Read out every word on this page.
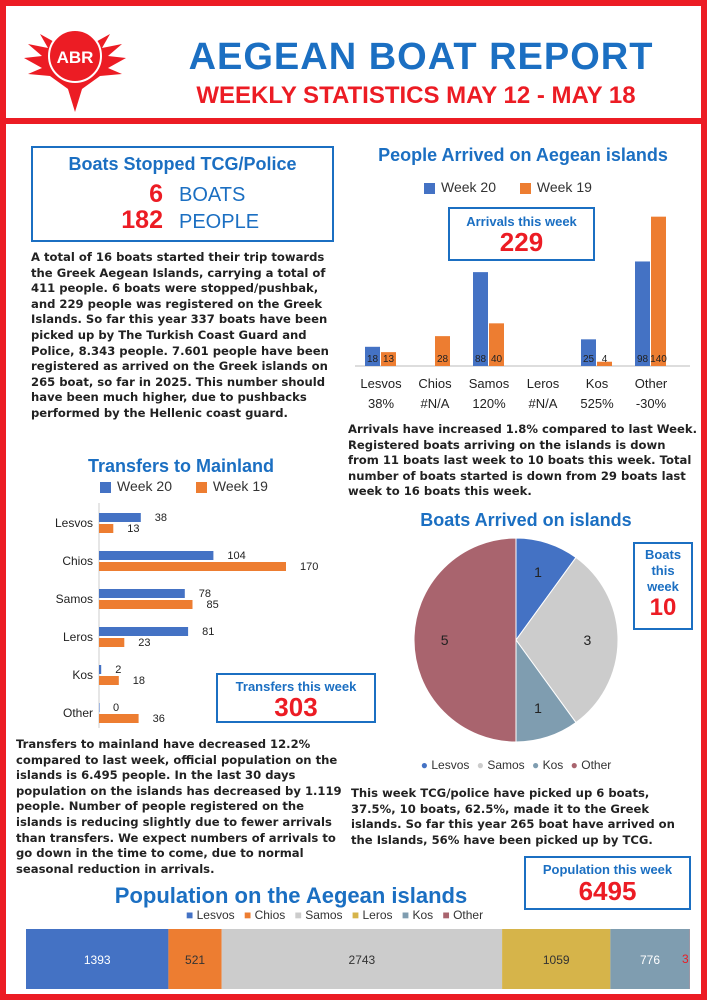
ABR	AEGEAN BOAT REPORT
WEEKLY STATISTICS MAY 12 - MAY 18
Boats Stopped TCG/Police
6 BOATS
182 PEOPLE
A total of 16 boats started their trip towards the Greek Aegean Islands, carrying a total of 411 people. 6 boats were stopped/pushbak, and 229 people was registered on the Greek Islands. So far this year 337 boats have been picked up by The Turkish Coast Guard and Police, 8.343 people. 7.601 people have been registered as arrived on the Greek islands on 265 boat, so far in 2025. This number should have been much higher, due to pushbacks performed by the Hellenic coast guard.
People Arrived on Aegean islands
Week 20	Week 19
18 13
Lesvos
38%
28
Chios
#N/A
88 40
Samos
120%
Leros
#N/A
25 4
Kos
525%
98 140
Other
-30%
Arrivals this week
229
Arrivals have increased 1.8% compared to last Week. Registered boats arriving on the islands is down from 11 boats last week to 10 boats this week. Total number of boats started is down from 29 boats last week to 16 boats this week.
Transfers to Mainland
Week 20	Week 19
Lesvos	38
13
Chios	104
170
Samos	78
85
Leros	81
23
Kos 2
18
Other 0
36
Transfers this week
303
Transfers to mainland have decreased 12.2% compared to last week, official population on the islands is 6.495 people. In the last 30 days population on the islands has decreased by 1.119 people. Number of people registered on the islands is reducing slightly due to fewer arrivals than transfers. We expect numbers of arrivals to go down in the time to come, due to normal seasonal reduction in arrivals.
Boats Arrived on islands
1
3
1
5
● Lesvos ● Samos ● Kos ● Other
Boats
this
week
10
This week TCG/police have picked up 6 boats, 37.5%, 10 boats, 62.5%, made it to the Greek islands. So far this year 265 boat have arrived on the Islands, 56% have been picked up by TCG.
Population on the Aegean islands
Population this week
6495
■ Lesvos ■ Chios ■ Samos ■ Leros ■ Kos ■ Other
1393	521	2743	1059	776 3
